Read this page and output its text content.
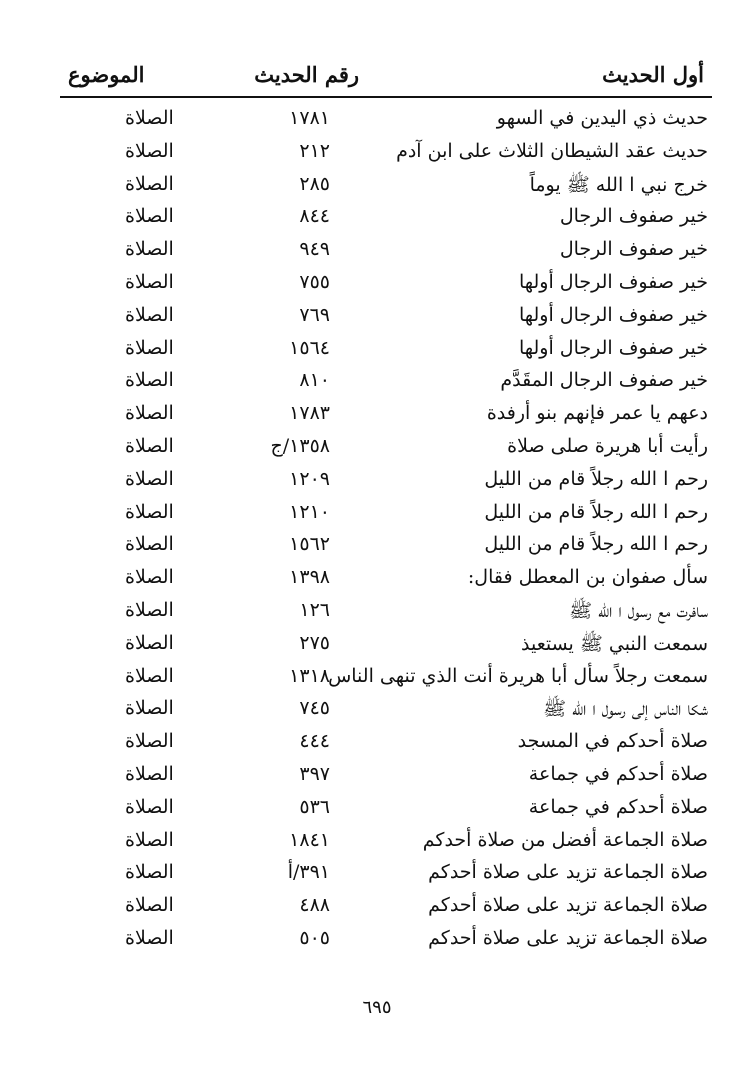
أول الحديث
رقم الحديث
الموضوع
حديث ذي اليدين في السهو
١٧٨١
الصلاة
حديث عقد الشيطان الثلاث على ابن آدم
٢١٢
الصلاة
خرج نبي ا الله ﷺ يوماً
٢٨٥
الصلاة
خير صفوف الرجال
٨٤٤
الصلاة
خير صفوف الرجال
٩٤٩
الصلاة
خير صفوف الرجال أولها
٧٥٥
الصلاة
خير صفوف الرجال أولها
٧٦٩
الصلاة
خير صفوف الرجال أولها
١٥٦٤
الصلاة
خير صفوف الرجال المقَدَّم
٨١٠
الصلاة
دعهم يا عمر فإنهم بنو أرفدة
١٧٨٣
الصلاة
رأيت أبا هريرة صلى صلاة
١٣٥٨/ج
الصلاة
رحم ا الله رجلاً قام من الليل
١٢٠٩
الصلاة
رحم ا الله رجلاً قام من الليل
١٢١٠
الصلاة
رحم ا الله رجلاً قام من الليل
١٥٦٢
الصلاة
سأل صفوان بن المعطل فقال:
١٣٩٨
الصلاة
سافرت مع رسول ا الله ﷺ
١٢٦
الصلاة
سمعت النبي ﷺ يستعيذ
٢٧٥
الصلاة
سمعت رجلاً سأل أبا هريرة أنت الذي تنهى الناس
١٣١٨
الصلاة
شكا الناس إلى رسول ا الله ﷺ
٧٤٥
الصلاة
صلاة أحدكم في المسجد
٤٤٤
الصلاة
صلاة أحدكم في جماعة
٣٩٧
الصلاة
صلاة أحدكم في جماعة
٥٣٦
الصلاة
صلاة الجماعة أفضل من صلاة أحدكم
١٨٤١
الصلاة
صلاة الجماعة تزيد على صلاة أحدكم
٣٩١/أ
الصلاة
صلاة الجماعة تزيد على صلاة أحدكم
٤٨٨
الصلاة
صلاة الجماعة تزيد على صلاة أحدكم
٥٠٥
الصلاة
٦٩٥
